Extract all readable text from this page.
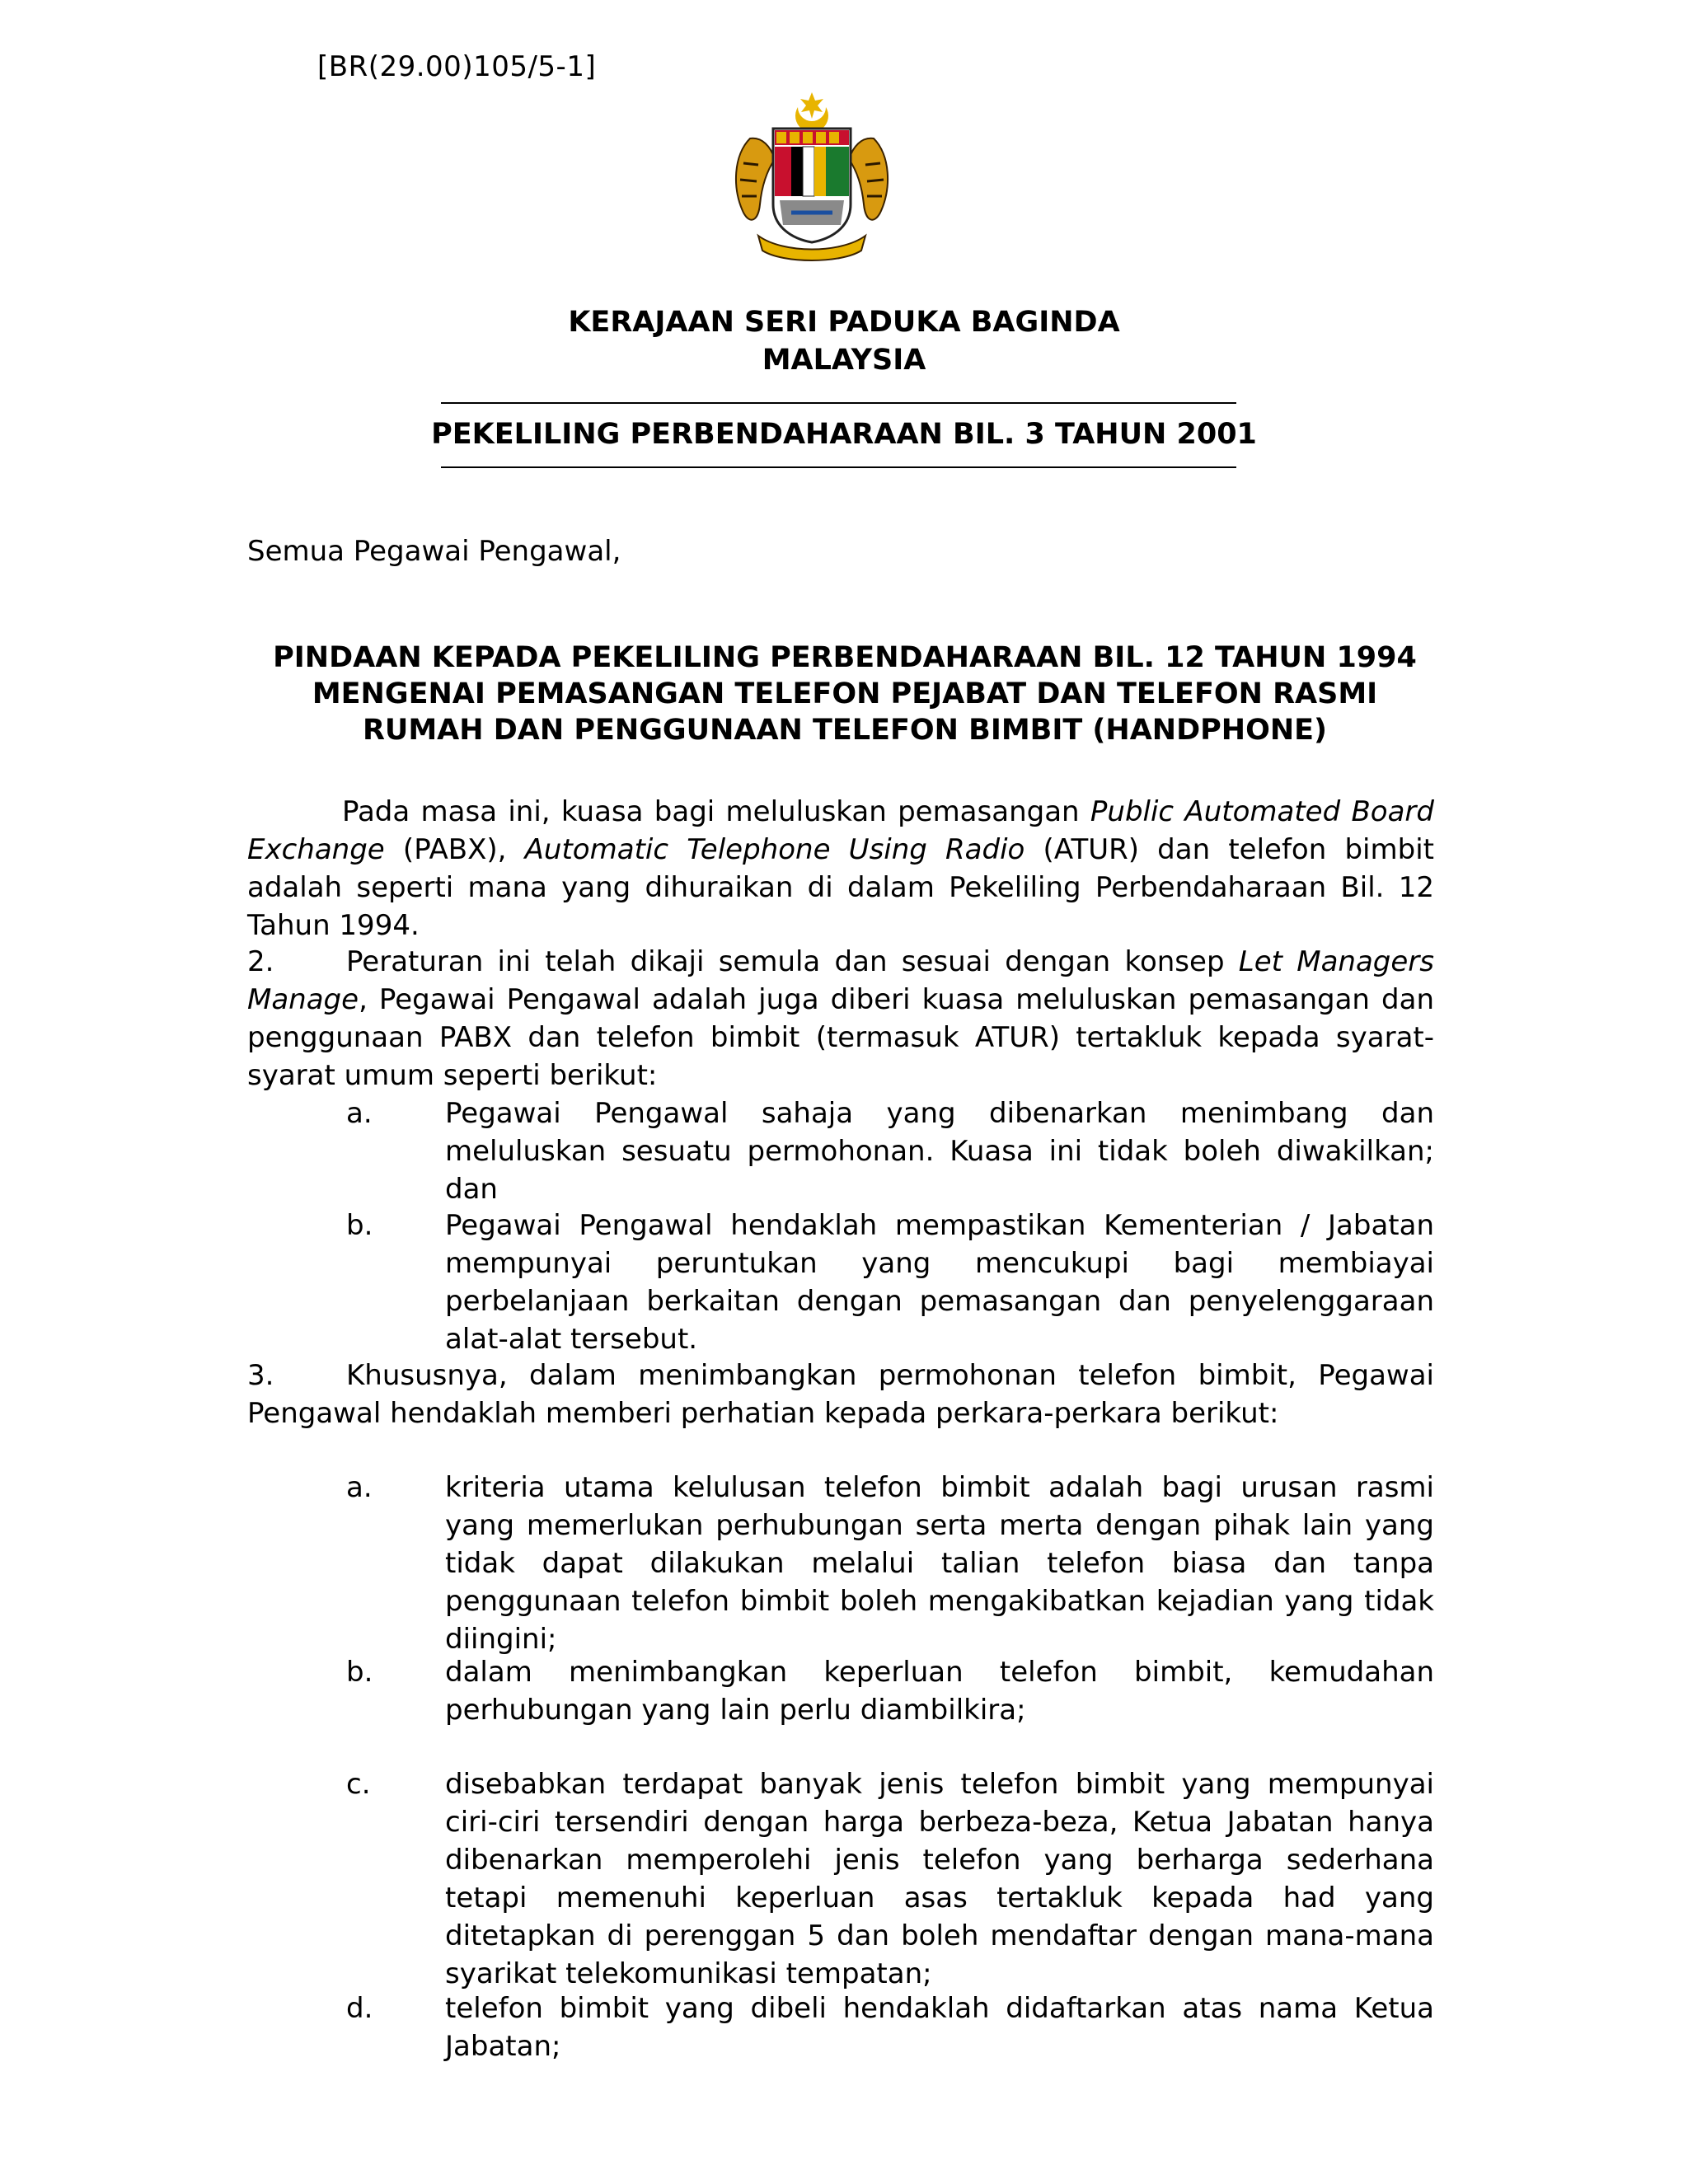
[BR(29.00)105/5-1]
KERAJAAN SERI PADUKA BAGINDA
MALAYSIA
PEKELILING PERBENDAHARAAN BIL. 3 TAHUN 2001
Semua Pegawai Pengawal,
PINDAAN KEPADA PEKELILING PERBENDAHARAAN BIL. 12 TAHUN 1994
MENGENAI PEMASANGAN TELEFON PEJABAT DAN TELEFON RASMI
RUMAH DAN PENGGUNAAN TELEFON BIMBIT (HANDPHONE)
Pada masa ini, kuasa bagi meluluskan pemasangan Public Automated Board Exchange (PABX), Automatic Telephone Using Radio (ATUR) dan telefon bimbit adalah seperti mana yang dihuraikan di dalam Pekeliling Perbendaharaan Bil. 12 Tahun 1994.
2.	Peraturan ini telah dikaji semula dan sesuai dengan konsep Let Managers Manage, Pegawai Pengawal adalah juga diberi kuasa meluluskan pemasangan dan penggunaan PABX dan telefon bimbit (termasuk ATUR) tertakluk kepada syarat-syarat umum seperti berikut:
a.	Pegawai Pengawal sahaja yang dibenarkan menimbang dan meluluskan sesuatu permohonan. Kuasa ini tidak boleh diwakilkan; dan
b.	Pegawai Pengawal hendaklah mempastikan Kementerian / Jabatan mempunyai peruntukan yang mencukupi bagi membiayai perbelanjaan berkaitan dengan pemasangan dan penyelenggaraan alat-alat tersebut.
3.	Khususnya, dalam menimbangkan permohonan telefon bimbit, Pegawai Pengawal hendaklah memberi perhatian kepada perkara-perkara berikut:
a.	kriteria utama kelulusan telefon bimbit adalah bagi urusan rasmi yang memerlukan perhubungan serta merta dengan pihak lain yang tidak dapat dilakukan melalui talian telefon biasa dan tanpa penggunaan telefon bimbit boleh mengakibatkan kejadian yang tidak diingini;
b.	dalam menimbangkan keperluan telefon bimbit, kemudahan perhubungan yang lain perlu diambilkira;
c.	disebabkan terdapat banyak jenis telefon bimbit yang mempunyai ciri-ciri tersendiri dengan harga berbeza-beza, Ketua Jabatan hanya dibenarkan memperolehi jenis telefon yang berharga sederhana tetapi memenuhi keperluan asas tertakluk kepada had yang ditetapkan di perenggan 5 dan boleh mendaftar dengan mana-mana syarikat telekomunikasi tempatan;
d.	telefon bimbit yang dibeli hendaklah didaftarkan atas nama Ketua Jabatan;
